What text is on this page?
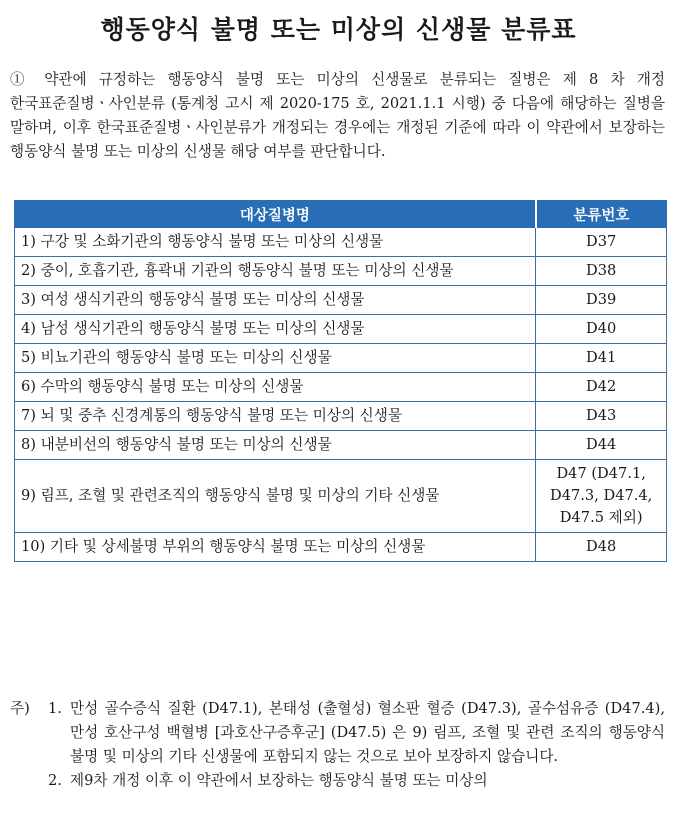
행동양식 불명 또는 미상의 신생물 분류표

① 약관에 규정하는 행동양식 불명 또는 미상의 신생물로 분류되는 질병은 제 8 차 개정 한국표준질병ㆍ사인분류 (통계청 고시 제 2020-175 호, 2021.1.1 시행) 중 다음에 해당하는 질병을 말하며, 이후 한국표준질병ㆍ사인분류가 개정되는 경우에는 개정된 기준에 따라 이 약관에서 보장하는 행동양식 불명 또는 미상의 신생물 해당 여부를 판단합니다.

대상질병명	분류번호
1) 구강 및 소화기관의 행동양식 불명 또는 미상의 신생물	D37
2) 중이, 호흡기관, 흉곽내 기관의 행동양식 불명 또는 미상의 신생물	D38
3) 여성 생식기관의 행동양식 불명 또는 미상의 신생물	D39
4) 남성 생식기관의 행동양식 불명 또는 미상의 신생물	D40
5) 비뇨기관의 행동양식 불명 또는 미상의 신생물	D41
6) 수막의 행동양식 불명 또는 미상의 신생물	D42
7) 뇌 및 중추 신경계통의 행동양식 불명 또는 미상의 신생물	D43
8) 내분비선의 행동양식 불명 또는 미상의 신생물	D44
9) 림프, 조혈 및 관련조직의 행동양식 불명 및 미상의 기타 신생물	D47 (D47.1, D47.3, D47.4, D47.5 제외)
10) 기타 및 상세불명 부위의 행동양식 불명 또는 미상의 신생물	D48
주)	1. 만성 골수증식 질환 (D47.1), 본태성 (출혈성) 혈소판 혈증 (D47.3), 골수섬유증 (D47.4), 만성 호산구성 백혈병 [과호산구증후군] (D47.5) 은 9) 림프, 조혈 및 관련 조직의 행동양식 불명 및 미상의 기타 신생물에 포함되지 않는 것으로 보아 보장하지 않습니다.
2. 제9차 개정 이후 이 약관에서 보장하는 행동양식 불명 또는 미상의
